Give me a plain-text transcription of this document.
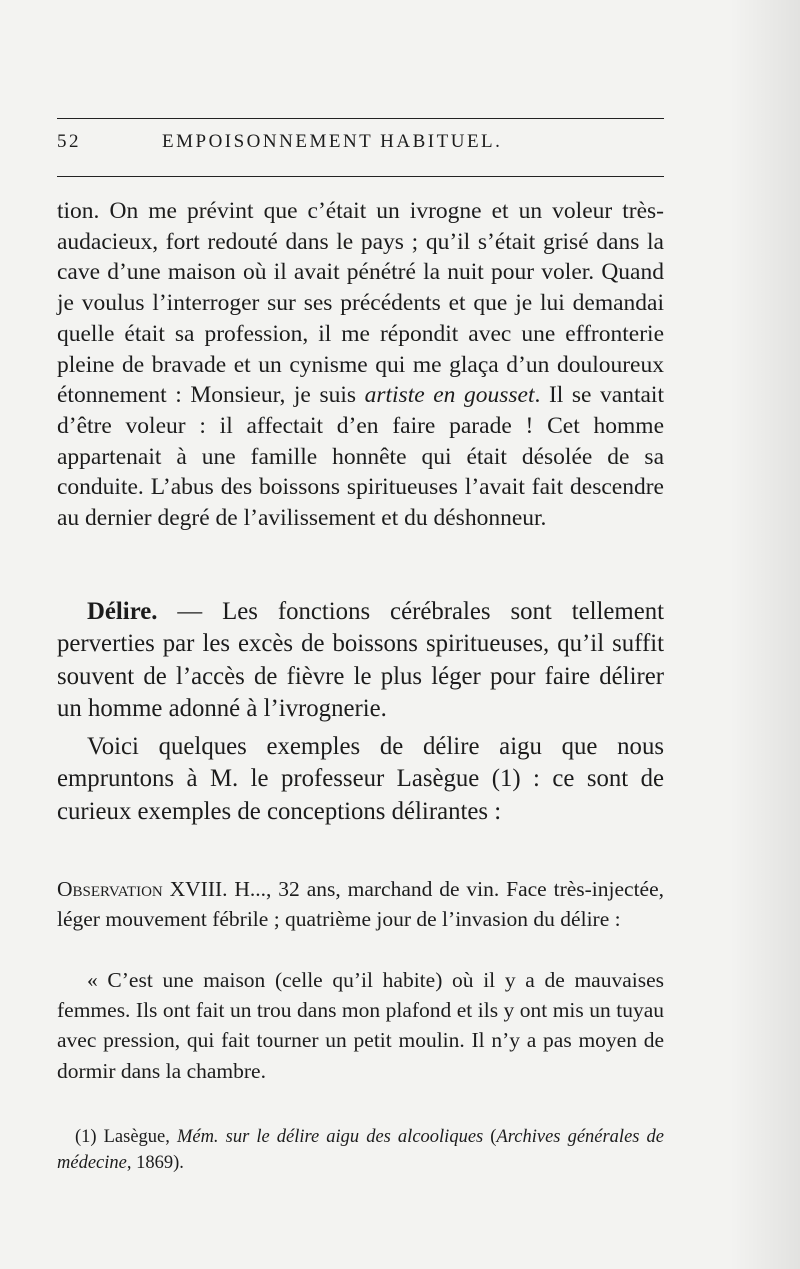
52	EMPOISONNEMENT HABITUEL.

tion. On me prévint que c’était un ivrogne et un voleur très-audacieux, fort redouté dans le pays ; qu’il s’était grisé dans la cave d’une maison où il avait pénétré la nuit pour voler. Quand je voulus l’interroger sur ses précédents et que je lui demandai quelle était sa profession, il me répondit avec une effronterie pleine de bravade et un cynisme qui me glaça d’un douloureux étonnement : Monsieur, je suis artiste en gousset. Il se vantait d’être voleur : il affectait d’en faire parade ! Cet homme appartenait à une famille honnête qui était désolée de sa conduite. L’abus des boissons spiritueuses l’avait fait descendre au dernier degré de l’avilissement et du déshonneur.

Délire. — Les fonctions cérébrales sont tellement perverties par les excès de boissons spiritueuses, qu’il suffit souvent de l’accès de fièvre le plus léger pour faire délirer un homme adonné à l’ivrognerie.

Voici quelques exemples de délire aigu que nous empruntons à M. le professeur Lasègue (1) : ce sont de curieux exemples de conceptions délirantes :

Observation XVIII. H..., 32 ans, marchand de vin. Face très-injectée, léger mouvement fébrile ; quatrième jour de l’invasion du délire :

« C’est une maison (celle qu’il habite) où il y a de mauvaises femmes. Ils ont fait un trou dans mon plafond et ils y ont mis un tuyau avec pression, qui fait tourner un petit moulin. Il n’y a pas moyen de dormir dans la chambre.

(1) Lasègue, Mém. sur le délire aigu des alcooliques (Archives générales de médecine, 1869).
